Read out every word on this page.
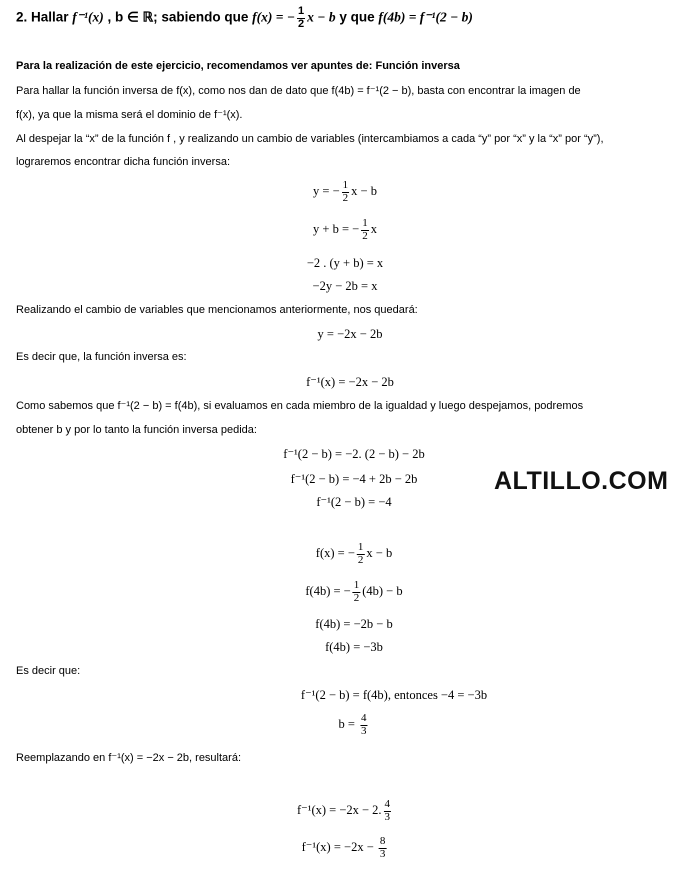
2. Hallar f⁻¹(x) , b ∈ ℝ; sabiendo que f(x) = − $\frac{1}{2}$ x − b y que f(4b) = f⁻¹(2 − b)
Para la realización de este ejercicio, recomendamos ver apuntes de: Función inversa
Para hallar la función inversa de f(x), como nos dan de dato que f(4b) = f⁻¹(2 − b), basta con encontrar la imagen de
f(x), ya que la misma será el dominio de f⁻¹(x).
Al despejar la “x” de la función f , y realizando un cambio de variables (intercambiamos a cada “y” por “x” y la “x” por “y”),
lograremos encontrar dicha función inversa:
y = − $\frac{1}{2}$ x − b
y + b = − $\frac{1}{2}$ x
−2 . (y + b) = x
−2y − 2b = x
Realizando el cambio de variables que mencionamos anteriormente, nos quedará:
y = −2x − 2b
Es decir que, la función inversa es:
f⁻¹(x) = −2x − 2b
Como sabemos que f⁻¹(2 − b) = f(4b), si evaluamos en cada miembro de la igualdad y luego despejamos, podremos
obtener b y por lo tanto la función inversa pedida:
f⁻¹(2 − b) = −2. (2 − b) − 2b
f⁻¹(2 − b) = −4 + 2b − 2b
f⁻¹(2 − b) = −4
ALTILLO.COM
f(x) = − $\frac{1}{2}$ x − b
f(4b) = − $\frac{1}{2} (4b) - b$
f(4b) = −2b − b
f(4b) = −3b
Es decir que:
f⁻¹(2 − b) = f(4b), entonces −4 = −3b
$b = \frac{4}{3}$
Reemplazando en f⁻¹(x) = −2x − 2b, resultará:
f⁻¹(x) = −2x − 2. $\frac{4}{3}$
$f^{-1}(x) = -2x - \frac{8}{3}$
